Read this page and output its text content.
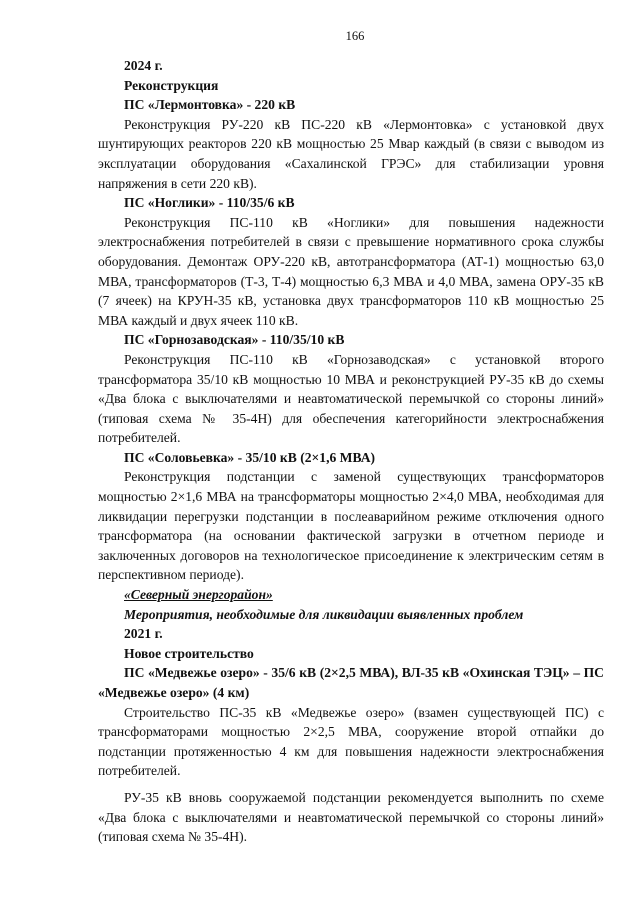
166

2024 г.

Реконструкция

ПС «Лермонтовка» - 220 кВ

Реконструкция РУ-220 кВ ПС-220 кВ «Лермонтовка» с установкой двух шунтирующих реакторов 220 кВ мощностью 25 Мвар каждый (в связи с выводом из эксплуатации оборудования «Сахалинской ГРЭС» для стабилизации уровня напряжения в сети 220 кВ).

ПС «Ноглики» - 110/35/6 кВ

Реконструкция ПС-110 кВ «Ноглики» для повышения надежности электроснабжения потребителей в связи с превышение нормативного срока службы оборудования. Демонтаж ОРУ-220 кВ, автотрансформатора (АТ-1) мощностью 63,0 МВА, трансформаторов (Т-3, Т-4) мощностью 6,3 МВА и 4,0 МВА, замена ОРУ-35 кВ (7 ячеек) на КРУН-35 кВ, установка двух трансформаторов 110 кВ мощностью 25 МВА каждый и двух ячеек 110 кВ.

ПС «Горнозаводская» - 110/35/10 кВ

Реконструкция ПС-110 кВ «Горнозаводская» с установкой второго трансформатора 35/10 кВ мощностью 10 МВА и реконструкцией РУ-35 кВ до схемы «Два блока с выключателями и неавтоматической перемычкой со стороны линий» (типовая схема № 35-4Н) для обеспечения категорийности электроснабжения потребителей.

ПС «Соловьевка» - 35/10 кВ (2×1,6 МВА)

Реконструкция подстанции с заменой существующих трансформаторов мощностью 2×1,6 МВА на трансформаторы мощностью 2×4,0 МВА, необходимая для ликвидации перегрузки подстанции в послеаварийном режиме отключения одного трансформатора (на основании фактической загрузки в отчетном периоде и заключенных договоров на технологическое присоединение к электрическим сетям в перспективном периоде).

«Северный энергорайон»

Мероприятия, необходимые для ликвидации выявленных проблем

2021 г.

Новое строительство

ПС «Медвежье озеро» - 35/6 кВ (2×2,5 МВА), ВЛ-35 кВ «Охинская ТЭЦ» – ПС «Медвежье озеро» (4 км)

Строительство ПС-35 кВ «Медвежье озеро» (взамен существующей ПС) с трансформаторами мощностью 2×2,5 МВА, сооружение второй отпайки до подстанции протяженностью 4 км для повышения надежности электроснабжения потребителей.

РУ-35 кВ вновь сооружаемой подстанции рекомендуется выполнить по схеме «Два блока с выключателями и неавтоматической перемычкой со стороны линий» (типовая схема № 35-4Н).
